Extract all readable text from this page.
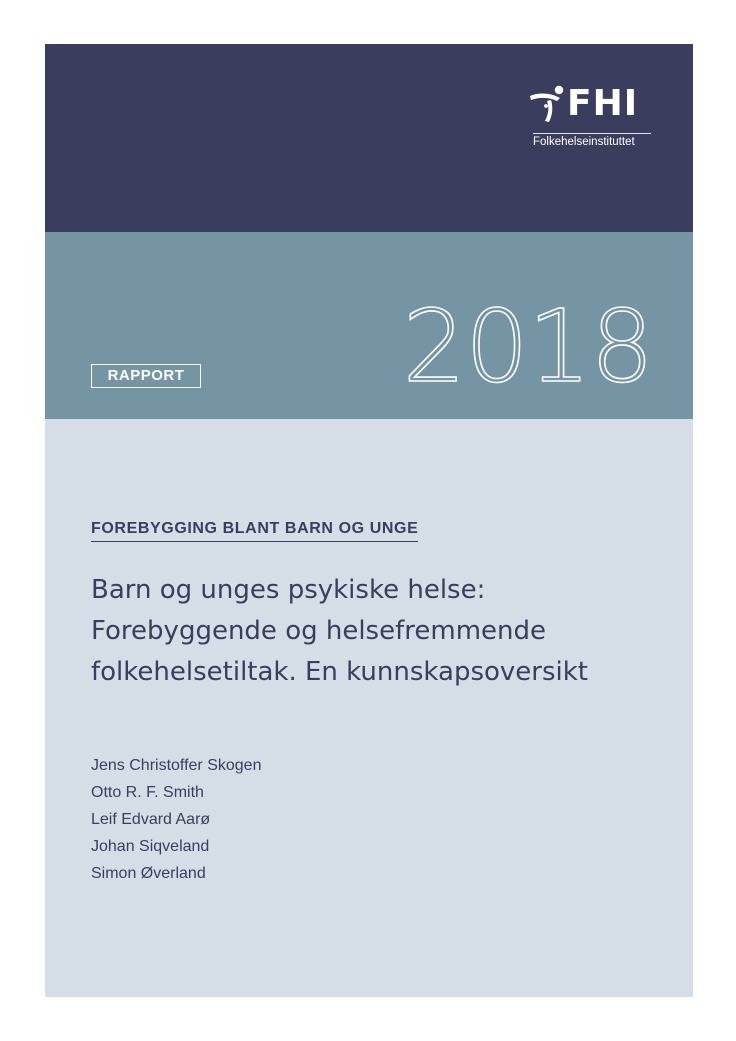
FHI
Folkehelseinstituttet
2018
RAPPORT
FOREBYGGING BLANT BARN OG UNGE
Barn og unges psykiske helse:
Forebyggende og helsefremmende
folkehelsetiltak. En kunnskapsoversikt
Jens Christoffer Skogen
Otto R. F. Smith
Leif Edvard Aarø
Johan Siqveland
Simon Øverland
